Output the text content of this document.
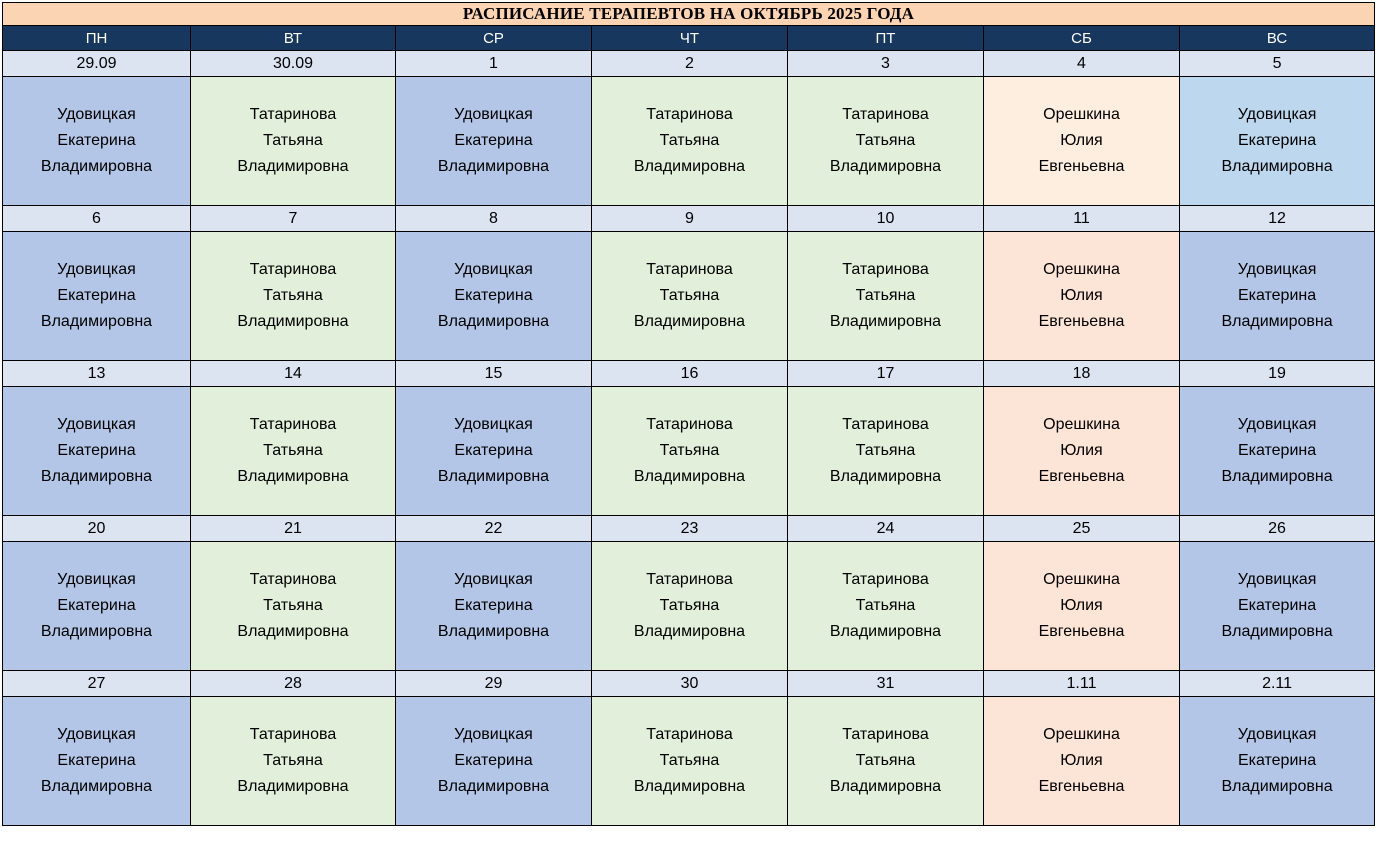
РАСПИСАНИЕ ТЕРАПЕВТОВ НА ОКТЯБРЬ 2025 ГОДА						
ПН	ВТ	СР	ЧТ	ПТ	СБ	ВС
29.09	30.09	1	2	3	4	5

Удовицкая
Екатерина
Владимировна	Татаринова
Татьяна
Владимировна	Удовицкая
Екатерина
Владимировна	Татаринова
Татьяна
Владимировна	Татаринова
Татьяна
Владимировна	Орешкина
Юлия
Евгеньевна	Удовицкая
Екатерина
Владимировна

6	7	8	9	10	11	12

Удовицкая
Екатерина
Владимировна	Татаринова
Татьяна
Владимировна	Удовицкая
Екатерина
Владимировна	Татаринова
Татьяна
Владимировна	Татаринова
Татьяна
Владимировна	Орешкина
Юлия
Евгеньевна	Удовицкая
Екатерина
Владимировна

13	14	15	16	17	18	19

Удовицкая
Екатерина
Владимировна	Татаринова
Татьяна
Владимировна	Удовицкая
Екатерина
Владимировна	Татаринова
Татьяна
Владимировна	Татаринова
Татьяна
Владимировна	Орешкина
Юлия
Евгеньевна	Удовицкая
Екатерина
Владимировна

20	21	22	23	24	25	26

Удовицкая
Екатерина
Владимировна	Татаринова
Татьяна
Владимировна	Удовицкая
Екатерина
Владимировна	Татаринова
Татьяна
Владимировна	Татаринова
Татьяна
Владимировна	Орешкина
Юлия
Евгеньевна	Удовицкая
Екатерина
Владимировна

27	28	29	30	31	1.11	2.11

Удовицкая
Екатерина
Владимировна	Татаринова
Татьяна
Владимировна	Удовицкая
Екатерина
Владимировна	Татаринова
Татьяна
Владимировна	Татаринова
Татьяна
Владимировна	Орешкина
Юлия
Евгеньевна	Удовицкая
Екатерина
Владимировна
